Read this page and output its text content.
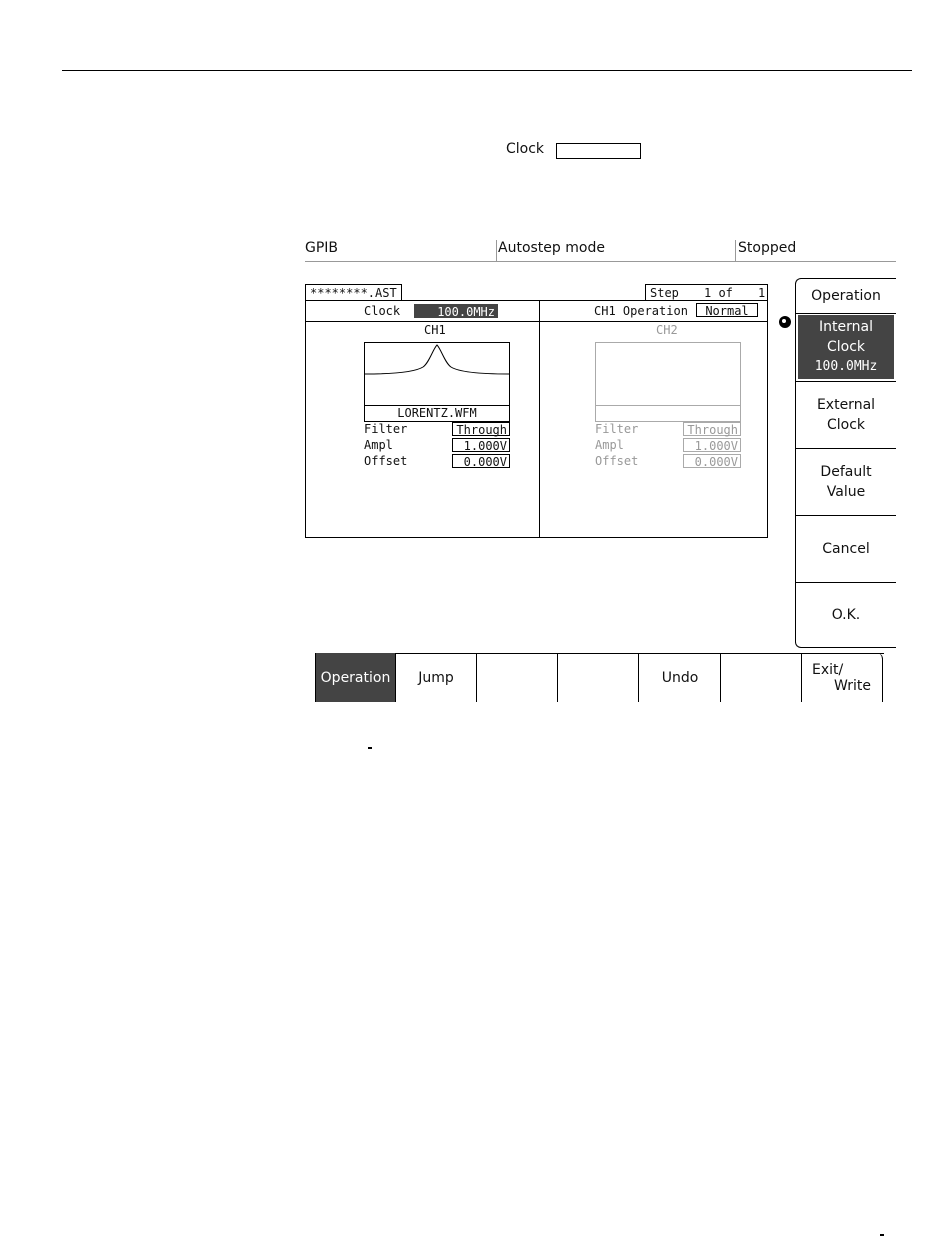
Clock
GPIB	Autostep mode	Stopped
********.AST	Step 1 of 1
Clock	100.0MHz	CH1 Operation	Normal
CH1
LORENTZ.WFM
Filter	Through
Ampl	1.000V
Offset	0.000V
CH2
Filter	Through
Ampl	1.000V
Offset	0.000V
Operation
Internal
Clock
100.0MHz
External
Clock
Default
Value
Cancel
O.K.
Operation	Jump	Undo	Exit/
Write
